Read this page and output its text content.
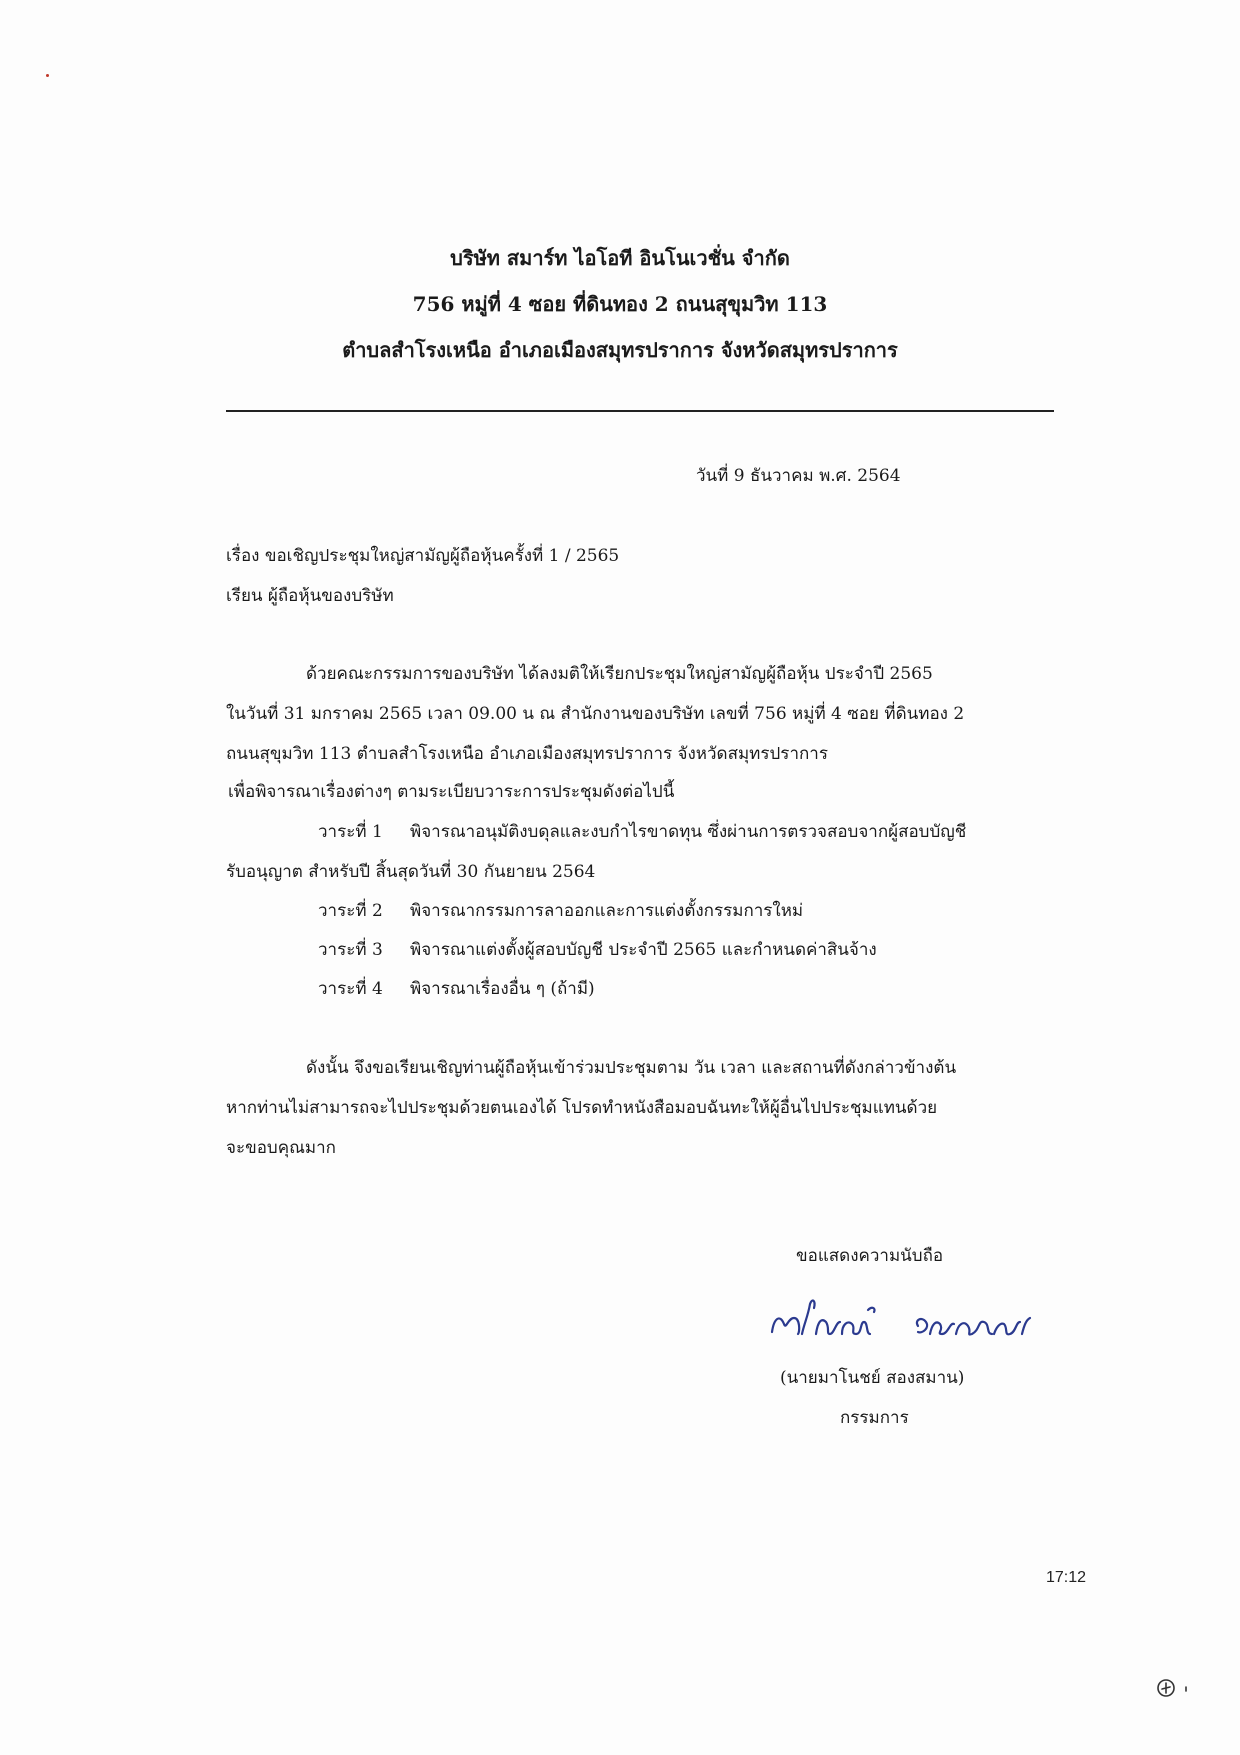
บริษัท สมาร์ท ไอโอที อินโนเวชั่น จำกัด
756 หมู่ที่ 4 ซอย ที่ดินทอง 2 ถนนสุขุมวิท 113
ตำบลสำโรงเหนือ อำเภอเมืองสมุทรปราการ จังหวัดสมุทรปราการ
วันที่ 9 ธันวาคม พ.ศ. 2564
เรื่อง ขอเชิญประชุมใหญ่สามัญผู้ถือหุ้นครั้งที่ 1 / 2565
เรียน ผู้ถือหุ้นของบริษัท
ด้วยคณะกรรมการของบริษัท ได้ลงมติให้เรียกประชุมใหญ่สามัญผู้ถือหุ้น ประจำปี 2565
ในวันที่ 31 มกราคม 2565 เวลา 09.00 น ณ สำนักงานของบริษัท เลขที่ 756 หมู่ที่ 4 ซอย ที่ดินทอง 2
ถนนสุขุมวิท 113 ตำบลสำโรงเหนือ อำเภอเมืองสมุทรปราการ จังหวัดสมุทรปราการ
เพื่อพิจารณาเรื่องต่างๆ ตามระเบียบวาระการประชุมดังต่อไปนี้
วาระที่ 1 พิจารณาอนุมัติงบดุลและงบกำไรขาดทุน ซึ่งผ่านการตรวจสอบจากผู้สอบบัญชี
รับอนุญาต สำหรับปี สิ้นสุดวันที่ 30 กันยายน 2564
วาระที่ 2 พิจารณากรรมการลาออกและการแต่งตั้งกรรมการใหม่
วาระที่ 3 พิจารณาแต่งตั้งผู้สอบบัญชี ประจำปี 2565 และกำหนดค่าสินจ้าง
วาระที่ 4 พิจารณาเรื่องอื่น ๆ (ถ้ามี)
ดังนั้น จึงขอเรียนเชิญท่านผู้ถือหุ้นเข้าร่วมประชุมตาม วัน เวลา และสถานที่ดังกล่าวข้างต้น
หากท่านไม่สามารถจะไปประชุมด้วยตนเองได้ โปรดทำหนังสือมอบฉันทะให้ผู้อื่นไปประชุมแทนด้วย
จะขอบคุณมาก
ขอแสดงความนับถือ
(นายมาโนชย์ สองสมาน)
กรรมการ
17:12
